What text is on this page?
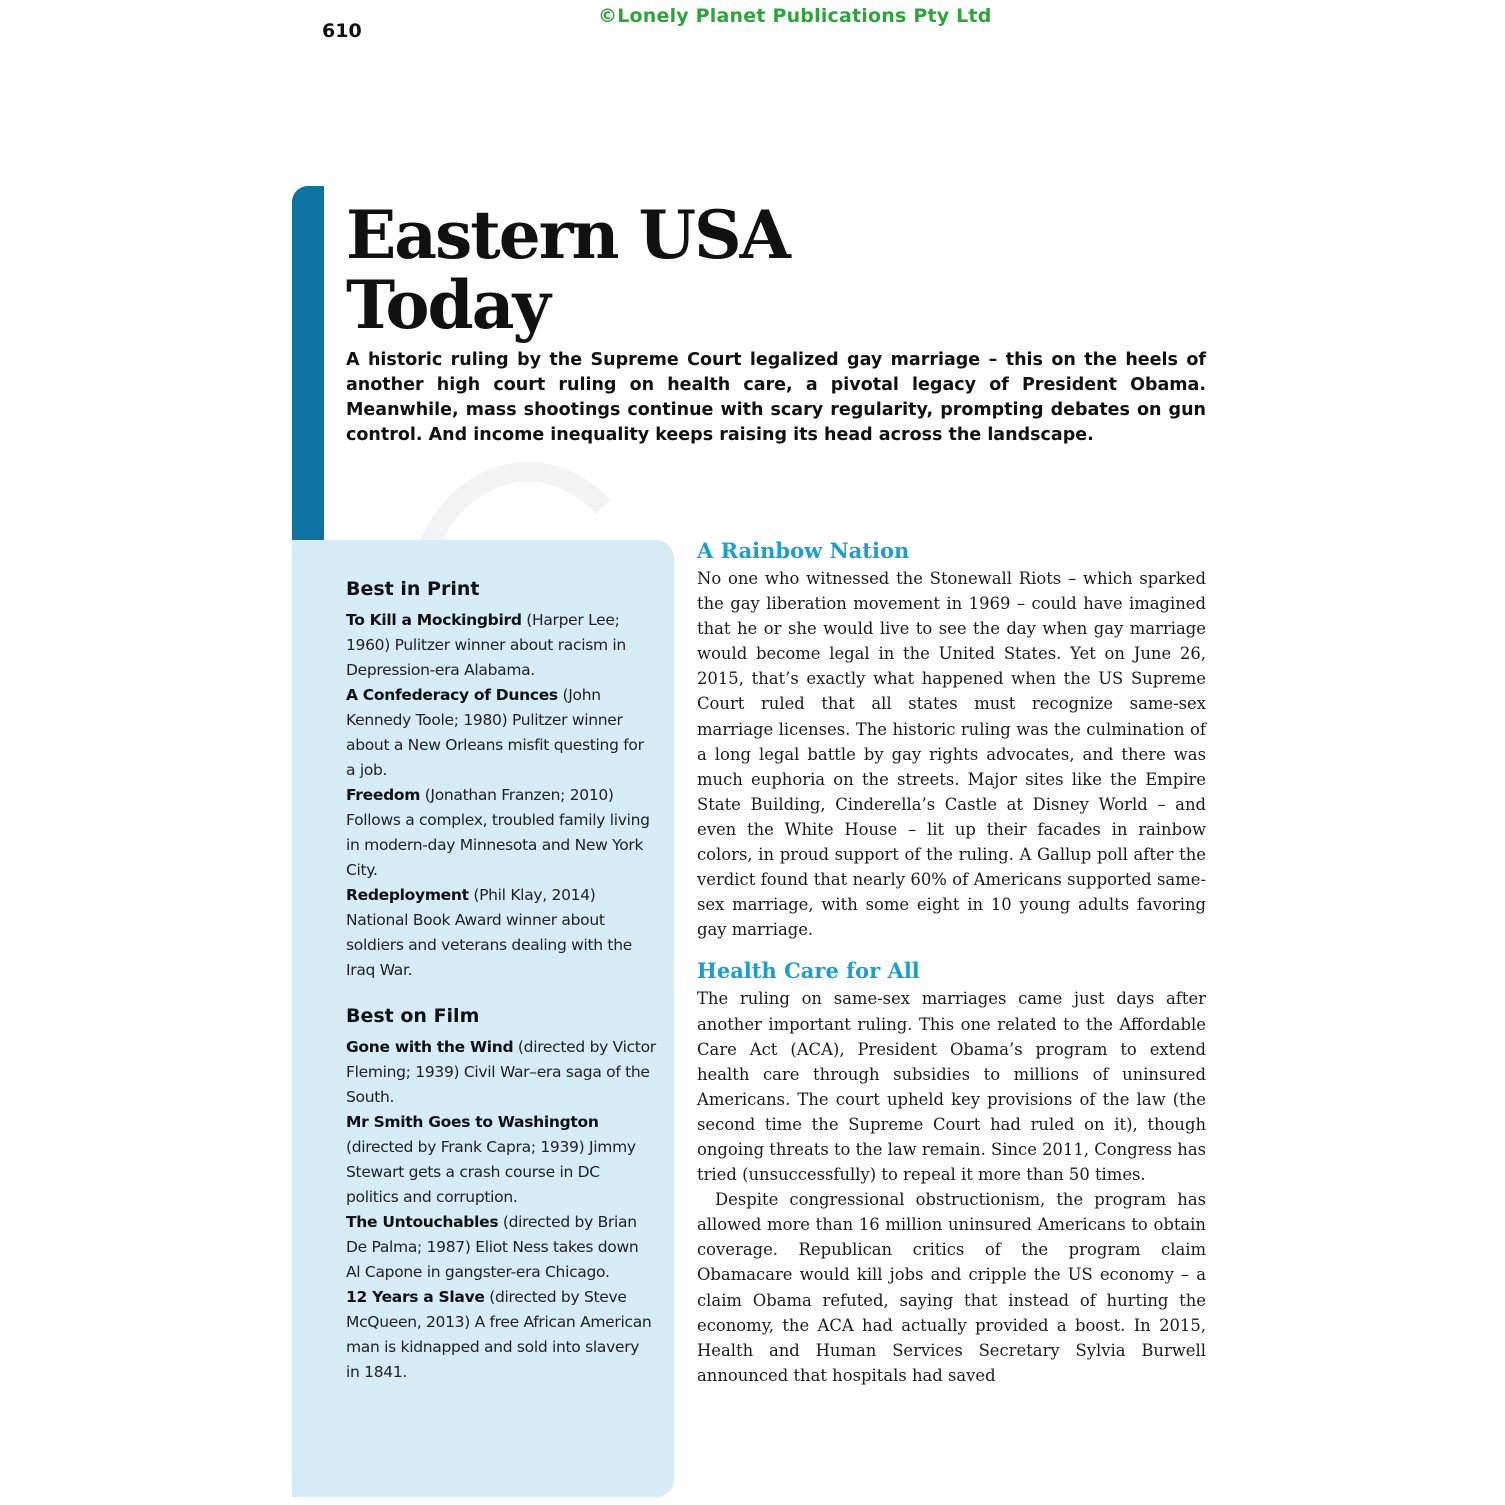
610
©Lonely Planet Publications Pty Ltd
Eastern USA
Today

A historic ruling by the Supreme Court legalized gay marriage – this on the heels of another high court ruling on health care, a pivotal legacy of President Obama. Meanwhile, mass shootings continue with scary regularity, prompting debates on gun control. And income inequality keeps raising its head across the landscape.

Best in Print

To Kill a Mockingbird (Harper Lee; 1960) Pulitzer winner about racism in Depression-era Alabama.

A Confederacy of Dunces (John Kennedy Toole; 1980) Pulitzer winner about a New Orleans misfit questing for a job.

Freedom (Jonathan Franzen; 2010) Follows a complex, troubled family living in modern-day Minnesota and New York City.

Redeployment (Phil Klay, 2014) National Book Award winner about soldiers and veterans dealing with the Iraq War.

Best on Film

Gone with the Wind (directed by Victor Fleming; 1939) Civil War–era saga of the South.

Mr Smith Goes to Washington (directed by Frank Capra; 1939) Jimmy Stewart gets a crash course in DC politics and corruption.

The Untouchables (directed by Brian De Palma; 1987) Eliot Ness takes down Al Capone in gangster-era Chicago.

12 Years a Slave (directed by Steve McQueen, 2013) A free African American man is kidnapped and sold into slavery in 1841.

A Rainbow Nation

No one who witnessed the Stonewall Riots – which sparked the gay liberation movement in 1969 – could have imagined that he or she would live to see the day when gay marriage would become legal in the United States. Yet on June 26, 2015, that’s exactly what happened when the US Supreme Court ruled that all states must recognize same-sex marriage licenses. The historic ruling was the culmination of a long legal battle by gay rights advocates, and there was much euphoria on the streets. Major sites like the Empire State Building, Cinderella’s Castle at Disney World – and even the White House – lit up their facades in rainbow colors, in proud support of the ruling. A Gallup poll after the verdict found that nearly 60% of Americans supported same-sex marriage, with some eight in 10 young adults favoring gay marriage.

Health Care for All

The ruling on same-sex marriages came just days after another important ruling. This one related to the Affordable Care Act (ACA), President Obama’s program to extend health care through subsidies to millions of uninsured Americans. The court upheld key provisions of the law (the second time the Supreme Court had ruled on it), though ongoing threats to the law remain. Since 2011, Congress has tried (unsuccessfully) to repeal it more than 50 times.

Despite congressional obstructionism, the program has allowed more than 16 million uninsured Americans to obtain coverage. Republican critics of the program claim Obamacare would kill jobs and cripple the US economy – a claim Obama refuted, saying that instead of hurting the economy, the ACA had actually provided a boost. In 2015, Health and Human Services Secretary Sylvia Burwell announced that hospitals had saved
